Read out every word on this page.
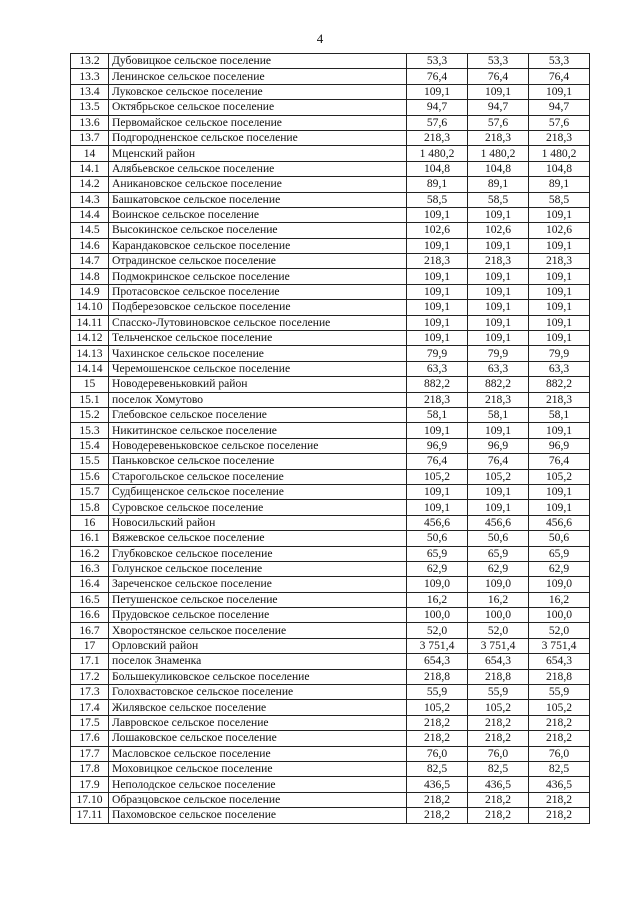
4
13.2	Дубовицкое сельское поселение	53,3	53,3	53,3
13.3	Ленинское сельское поселение	76,4	76,4	76,4
13.4	Луковское сельское поселение	109,1	109,1	109,1
13.5	Октябрьское сельское поселение	94,7	94,7	94,7
13.6	Первомайское сельское поселение	57,6	57,6	57,6
13.7	Подгородненское сельское поселение	218,3	218,3	218,3
14	Мценский район	1 480,2	1 480,2	1 480,2
14.1	Алябьевское сельское поселение	104,8	104,8	104,8
14.2	Аникановское сельское поселение	89,1	89,1	89,1
14.3	Башкатовское сельское поселение	58,5	58,5	58,5
14.4	Воинское сельское поселение	109,1	109,1	109,1
14.5	Высокинское сельское поселение	102,6	102,6	102,6
14.6	Карандаковское сельское поселение	109,1	109,1	109,1
14.7	Отрадинское сельское поселение	218,3	218,3	218,3
14.8	Подмокринское сельское поселение	109,1	109,1	109,1
14.9	Протасовское сельское поселение	109,1	109,1	109,1
14.10	Подберезовское сельское поселение	109,1	109,1	109,1
14.11	Спасско-Лутовиновское сельское поселение	109,1	109,1	109,1
14.12	Тельченское сельское поселение	109,1	109,1	109,1
14.13	Чахинское сельское поселение	79,9	79,9	79,9
14.14	Черемошенское сельское поселение	63,3	63,3	63,3
15	Новодеревеньковкий район	882,2	882,2	882,2
15.1	поселок Хомутово	218,3	218,3	218,3
15.2	Глебовское сельское поселение	58,1	58,1	58,1
15.3	Никитинское сельское поселение	109,1	109,1	109,1
15.4	Новодеревеньковское сельское поселение	96,9	96,9	96,9
15.5	Паньковское сельское поселение	76,4	76,4	76,4
15.6	Старогольское сельское поселение	105,2	105,2	105,2
15.7	Судбищенское сельское поселение	109,1	109,1	109,1
15.8	Суровское сельское поселение	109,1	109,1	109,1
16	Новосильский район	456,6	456,6	456,6
16.1	Вяжевское сельское поселение	50,6	50,6	50,6
16.2	Глубковское сельское поселение	65,9	65,9	65,9
16.3	Голунское сельское поселение	62,9	62,9	62,9
16.4	Зареченское сельское поселение	109,0	109,0	109,0
16.5	Петушенское сельское поселение	16,2	16,2	16,2
16.6	Прудовское сельское поселение	100,0	100,0	100,0
16.7	Хворостянское сельское поселение	52,0	52,0	52,0
17	Орловский район	3 751,4	3 751,4	3 751,4
17.1	поселок Знаменка	654,3	654,3	654,3
17.2	Большекуликовское сельское поселение	218,8	218,8	218,8
17.3	Голохвастовское сельское поселение	55,9	55,9	55,9
17.4	Жилявское сельское поселение	105,2	105,2	105,2
17.5	Лавровское сельское поселение	218,2	218,2	218,2
17.6	Лошаковское сельское поселение	218,2	218,2	218,2
17.7	Масловское сельское поселение	76,0	76,0	76,0
17.8	Моховицкое сельское поселение	82,5	82,5	82,5
17.9	Неполодское сельское поселение	436,5	436,5	436,5
17.10	Образцовское сельское поселение	218,2	218,2	218,2
17.11	Пахомовское сельское поселение	218,2	218,2	218,2
